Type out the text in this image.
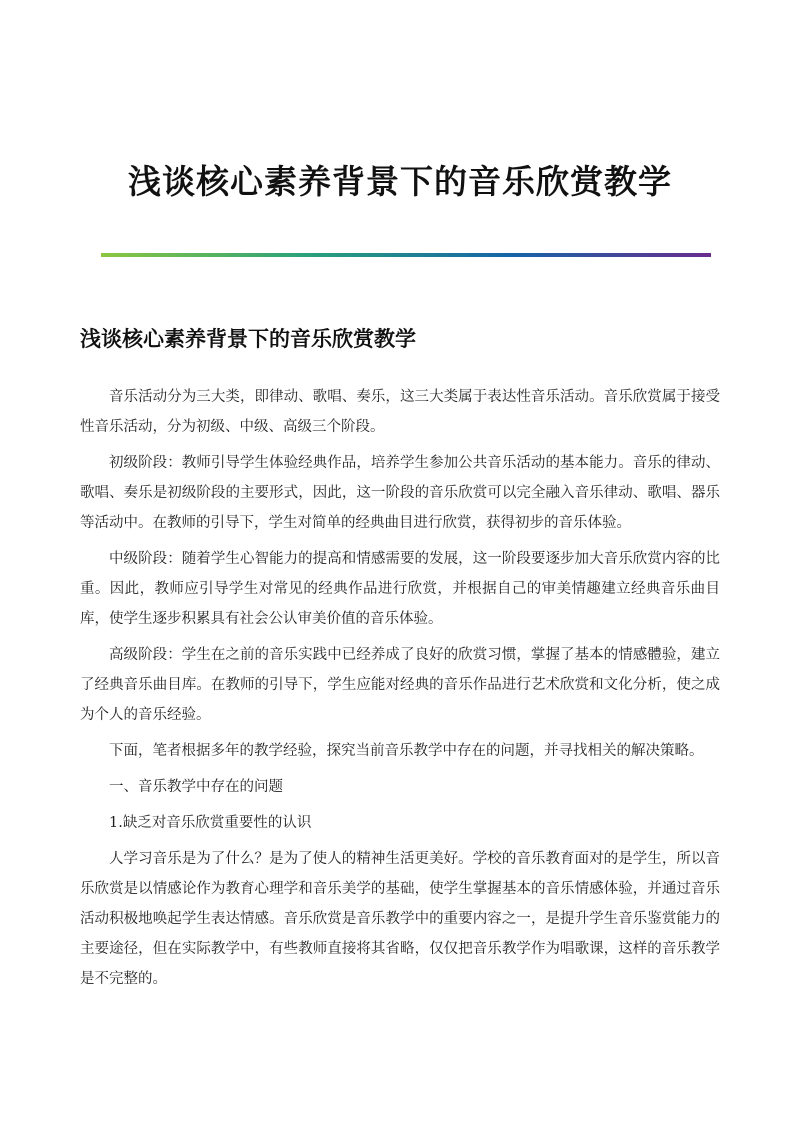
浅谈核心素养背景下的音乐欣赏教学
浅谈核心素养背景下的音乐欣赏教学

音乐活动分为三大类，即律动、歌唱、奏乐，这三大类属于表达性音乐活动。音乐欣赏属于接受性音乐活动，分为初级、中级、高级三个阶段。

初级阶段：教师引导学生体验经典作品，培养学生参加公共音乐活动的基本能力。音乐的律动、歌唱、奏乐是初级阶段的主要形式，因此，这一阶段的音乐欣赏可以完全融入音乐律动、歌唱、器乐等活动中。在教师的引导下，学生对简单的经典曲目进行欣赏，获得初步的音乐体验。

中级阶段：随着学生心智能力的提高和情感需要的发展，这一阶段要逐步加大音乐欣赏内容的比重。因此，教师应引导学生对常见的经典作品进行欣赏，并根据自己的审美情趣建立经典音乐曲目库，使学生逐步积累具有社会公认审美价值的音乐体验。

高级阶段：学生在之前的音乐实践中已经养成了良好的欣赏习惯，掌握了基本的情感體验，建立了经典音乐曲目库。在教师的引导下，学生应能对经典的音乐作品进行艺术欣赏和文化分析，使之成为个人的音乐经验。

下面，笔者根据多年的教学经验，探究当前音乐教学中存在的问题，并寻找相关的解决策略。

一、音乐教学中存在的问题

1.缺乏对音乐欣赏重要性的认识

人学习音乐是为了什么？是为了使人的精神生活更美好。学校的音乐教育面对的是学生，所以音乐欣赏是以情感论作为教育心理学和音乐美学的基础，使学生掌握基本的音乐情感体验，并通过音乐活动积极地唤起学生表达情感。音乐欣赏是音乐教学中的重要内容之一，是提升学生音乐鉴赏能力的主要途径，但在实际教学中，有些教师直接将其省略，仅仅把音乐教学作为唱歌课，这样的音乐教学是不完整的。
